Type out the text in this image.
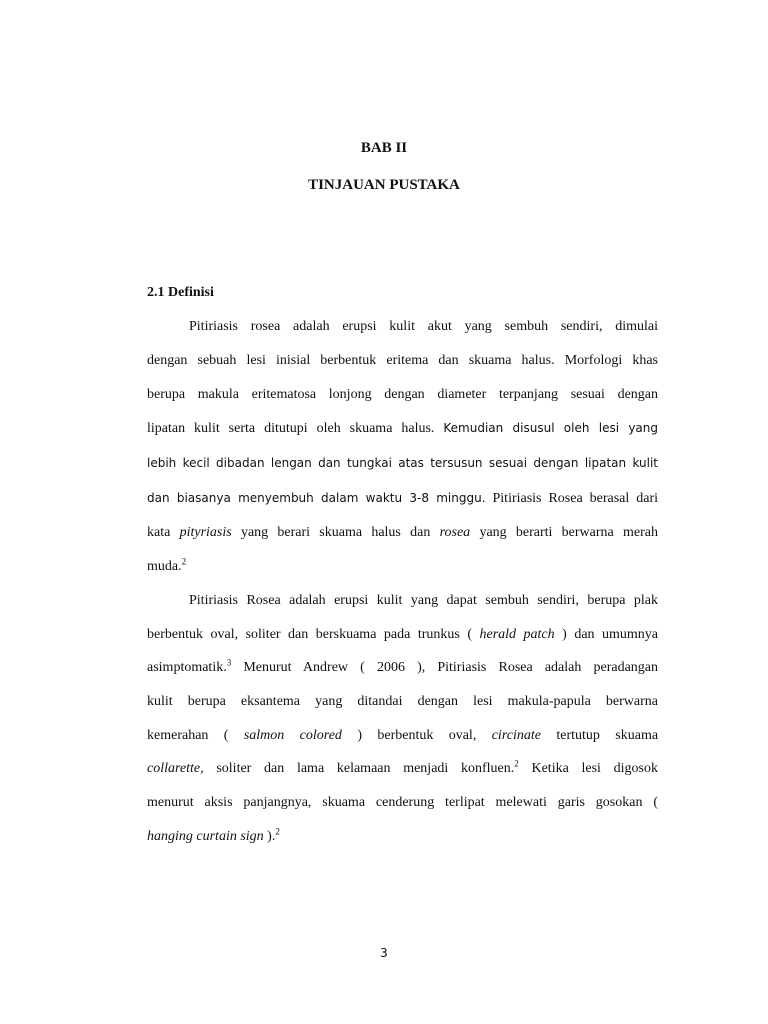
BAB II
TINJAUAN PUSTAKA
2.1 Definisi
Pitiriasis rosea adalah erupsi kulit akut yang sembuh sendiri, dimulai
dengan sebuah lesi inisial berbentuk eritema dan skuama halus. Morfologi khas
berupa makula eritematosa lonjong dengan diameter terpanjang sesuai dengan
lipatan kulit serta ditutupi oleh skuama halus. Kemudian disusul oleh lesi yang
lebih kecil dibadan lengan dan tungkai atas tersusun sesuai dengan lipatan kulit
dan biasanya menyembuh dalam waktu 3-8 minggu. Pitiriasis Rosea berasal dari
kata pityriasis yang berari skuama halus dan rosea yang berarti berwarna merah
muda.$^2$
Pitiriasis Rosea adalah erupsi kulit yang dapat sembuh sendiri, berupa plak
berbentuk oval, soliter dan berskuama pada trunkus ( herald patch ) dan umumnya
asimptomatik.$^3$ Menurut Andrew ( 2006 ), Pitiriasis Rosea adalah peradangan
kulit berupa eksantema yang ditandai dengan lesi makula-papula berwarna
kemerahan ( salmon colored ) berbentuk oval, circinate tertutup skuama
collarette, soliter dan lama kelamaan menjadi konfluen.$^2$ Ketika lesi digosok
menurut aksis panjangnya, skuama cenderung terlipat melewati garis gosokan (
hanging curtain sign ).$^2$
3
